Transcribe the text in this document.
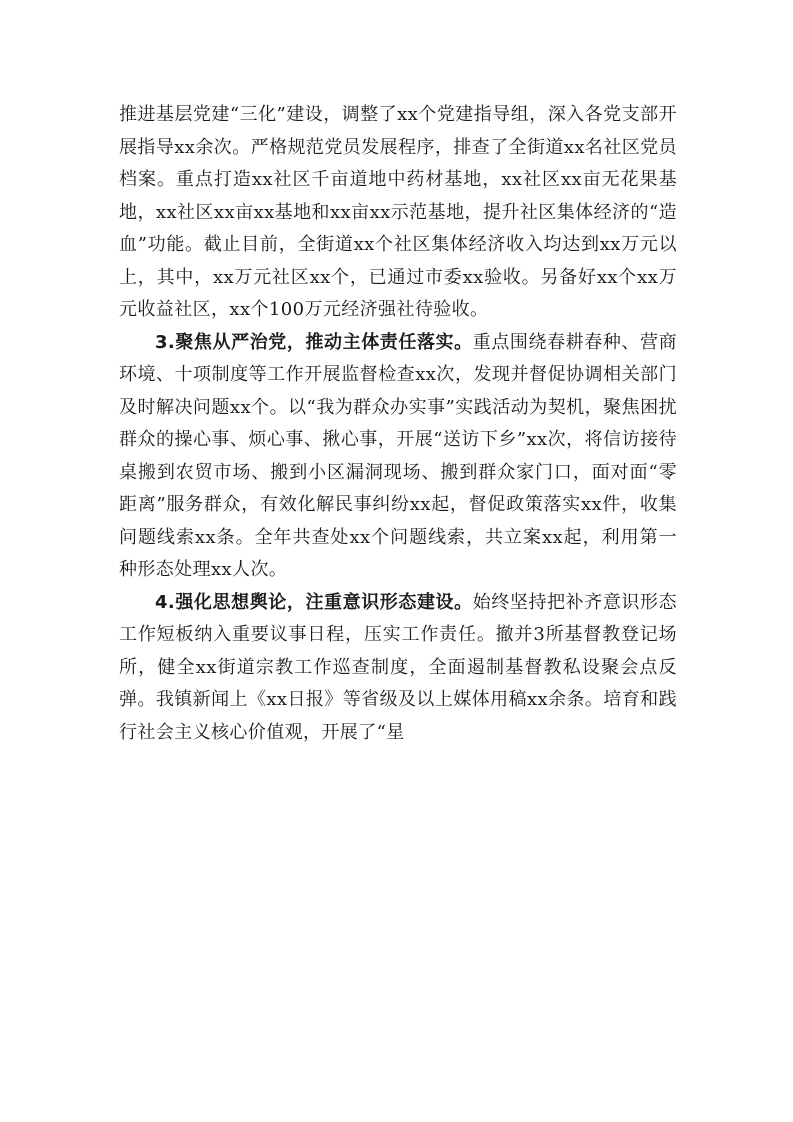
推进基层党建“三化”建设，调整了xx个党建指导组，深入各党支部开展指导xx余次。严格规范党员发展程序，排查了全街道xx名社区党员档案。重点打造xx社区千亩道地中药材基地，xx社区xx亩无花果基地，xx社区xx亩xx基地和xx亩xx示范基地，提升社区集体经济的“造血”功能。截止目前，全街道xx个社区集体经济收入均达到xx万元以上，其中，xx万元社区xx个，已通过市委xx验收。另备好xx个xx万元收益社区，xx个100万元经济强社待验收。

3.聚焦从严治党，推动主体责任落实。重点围绕春耕春种、营商环境、十项制度等工作开展监督检查xx次，发现并督促协调相关部门及时解决问题xx个。以“我为群众办实事”实践活动为契机，聚焦困扰群众的操心事、烦心事、揪心事，开展“送访下乡”xx次，将信访接待桌搬到农贸市场、搬到小区漏洞现场、搬到群众家门口，面对面“零距离”服务群众，有效化解民事纠纷xx起，督促政策落实xx件，收集问题线索xx条。全年共查处xx个问题线索，共立案xx起，利用第一种形态处理xx人次。

4.强化思想舆论，注重意识形态建设。始终坚持把补齐意识形态工作短板纳入重要议事日程，压实工作责任。撤并3所基督教登记场所，健全xx街道宗教工作巡查制度，全面遏制基督教私设聚会点反弹。我镇新闻上《xx日报》等省级及以上媒体用稿xx余条。培育和践行社会主义核心价值观，开展了“星
